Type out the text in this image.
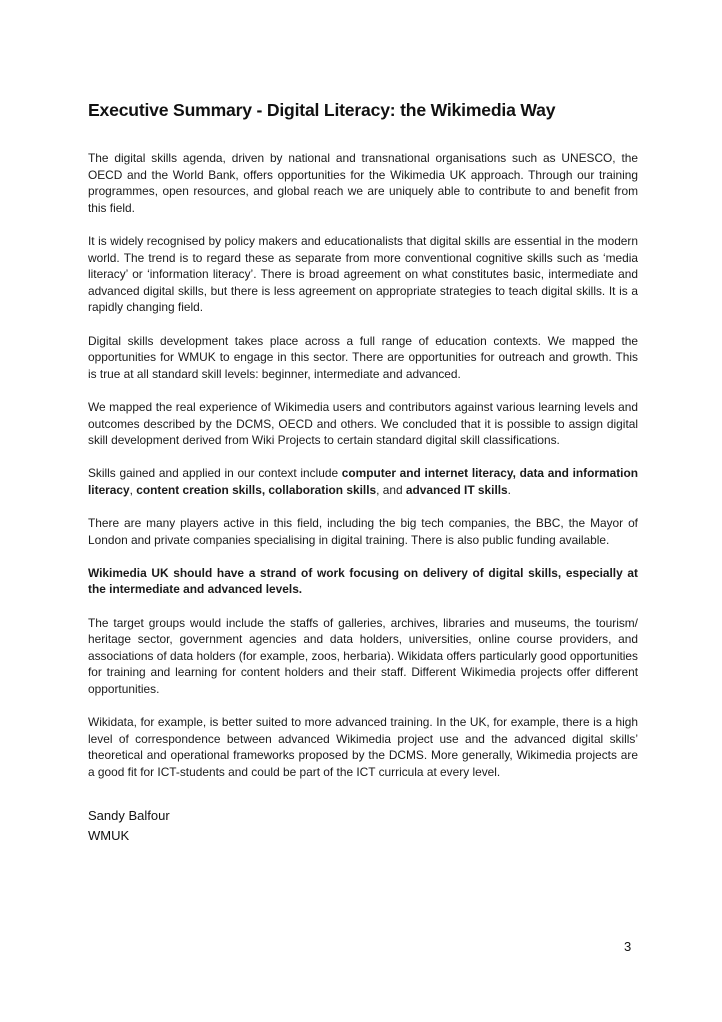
Executive Summary - Digital Literacy: the Wikimedia Way

The digital skills agenda, driven by national and transnational organisations such as UNESCO, the OECD and the World Bank, offers opportunities for the Wikimedia UK approach. Through our training programmes, open resources, and global reach we are uniquely able to contribute to and benefit from this field.

It is widely recognised by policy makers and educationalists that digital skills are essential in the modern world. The trend is to regard these as separate from more conventional cognitive skills such as ‘media literacy’ or ‘information literacy’. There is broad agreement on what constitutes basic, intermediate and advanced digital skills, but there is less agreement on appropriate strategies to teach digital skills. It is a rapidly changing field.

Digital skills development takes place across a full range of education contexts. We mapped the opportunities for WMUK to engage in this sector. There are opportunities for outreach and growth. This is true at all standard skill levels: beginner, intermediate and advanced.

We mapped the real experience of Wikimedia users and contributors against various learning levels and outcomes described by the DCMS, OECD and others. We concluded that it is possible to assign digital skill development derived from Wiki Projects to certain standard digital skill classifications.

Skills gained and applied in our context include computer and internet literacy, data and information literacy, content creation skills, collaboration skills, and advanced IT skills.

There are many players active in this field, including the big tech companies, the BBC, the Mayor of London and private companies specialising in digital training. There is also public funding available.

Wikimedia UK should have a strand of work focusing on delivery of digital skills, especially at the intermediate and advanced levels.

The target groups would include the staffs of galleries, archives, libraries and museums, the tourism/ heritage sector, government agencies and data holders, universities, online course providers, and associations of data holders (for example, zoos, herbaria). Wikidata offers particularly good opportunities for training and learning for content holders and their staff. Different Wikimedia projects offer different opportunities.

Wikidata, for example, is better suited to more advanced training. In the UK, for example, there is a high level of correspondence between advanced Wikimedia project use and the advanced digital skills’ theoretical and operational frameworks proposed by the DCMS. More generally, Wikimedia projects are a good fit for ICT-students and could be part of the ICT curricula at every level.

Sandy Balfour
WMUK
3
